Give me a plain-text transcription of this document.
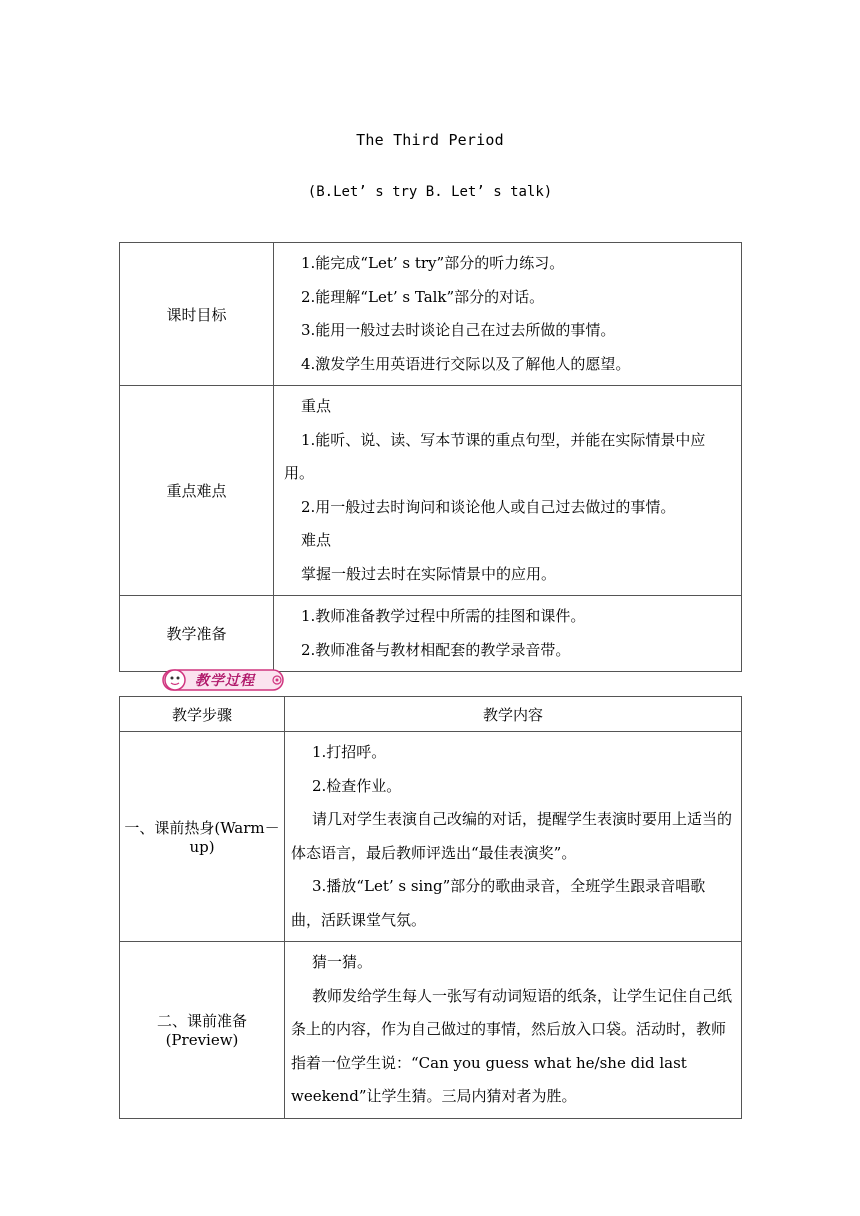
The Third Period
(B.Let’ s try B. Let’ s talk)
课时目标	1.能完成“Let’ s try”部分的听力练习。

2.能理解“Let’ s Talk”部分的对话。

3.能用一般过去时谈论自己在过去所做的事情。

4.激发学生用英语进行交际以及了解他人的愿望。

重点难点	重点

1.能听、说、读、写本节课的重点句型，并能在实际情景中应用。

2.用一般过去时询问和谈论他人或自己过去做过的事情。

难点

掌握一般过去时在实际情景中的应用。

教学准备	1.教师准备教学过程中所需的挂图和课件。

2.教师准备与教材相配套的教学录音带。

教学过程
教学步骤	教学内容
一、课前热身(Warm－up)	1.打招呼。

2.检查作业。

请几对学生表演自己改编的对话，提醒学生表演时要用上适当的体态语言，最后教师评选出“最佳表演奖”。

3.播放“Let’ s sing”部分的歌曲录音，全班学生跟录音唱歌曲，活跃课堂气氛。

二、课前准备(Preview)	猜一猜。

教师发给学生每人一张写有动词短语的纸条，让学生记住自己纸条上的内容，作为自己做过的事情，然后放入口袋。活动时，教师指着一位学生说：“Can you guess what he/she did last weekend”让学生猜。三局内猜对者为胜。
